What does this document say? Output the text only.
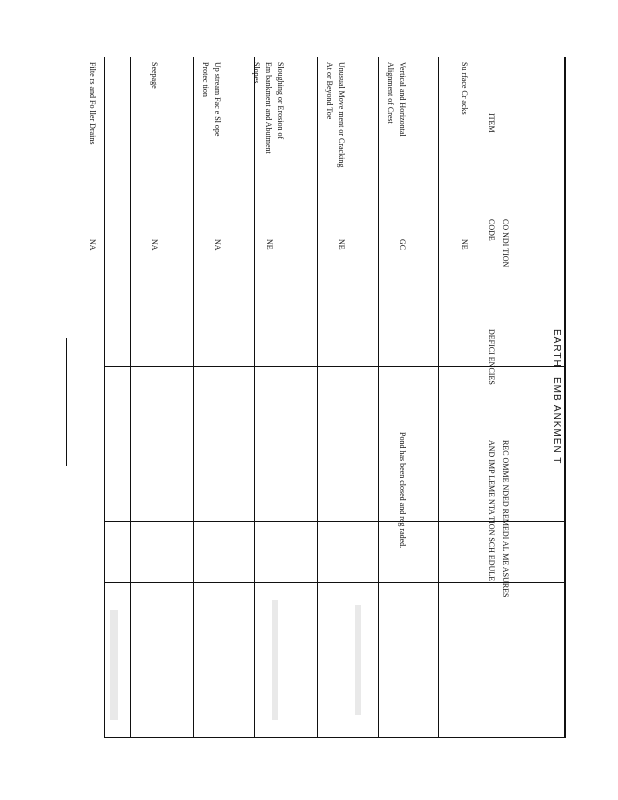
EARTH
EMB ANKMEN T
ITEM
CO NDI TION
CODE
DEFICI ENCIES
REC OMME NDED REMEDI AL ME ASURES
AND IMP LEME NTA TION SCH EDULE
Su rface Cr acks
NE
Vertical and Horizontal
Alignment of Crest
GC
Pond has been closed and reg raded.
Unusual Move ment or Cracking
At or Beyond Toe
NE
Sloughing or Erosion of
Em bankment and Abutment
Slopes
NE
Up stream Fac e Sl ope
Protec tion
NA
Seepage
NA
Filte rs and Fo ller Drains
NA
